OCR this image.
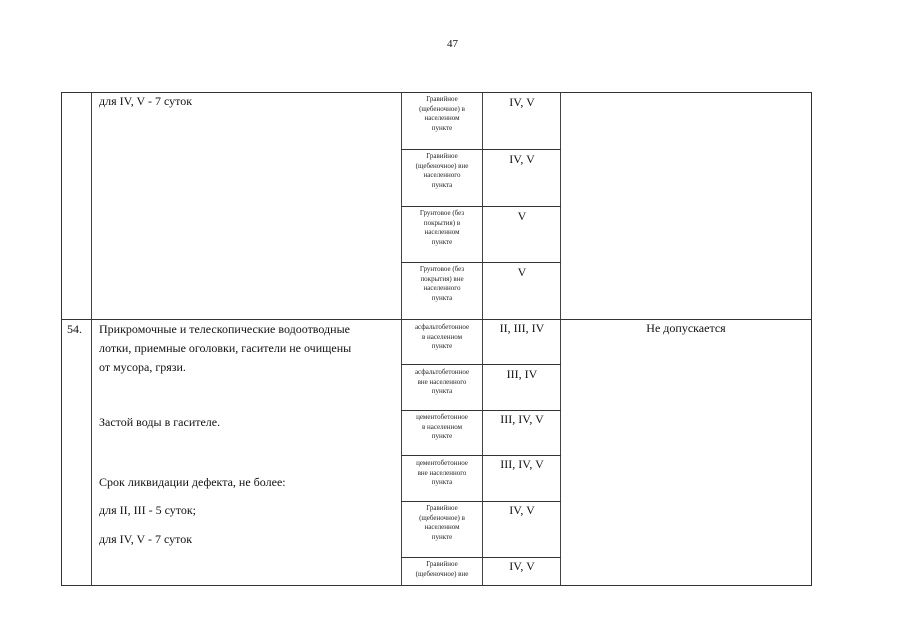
47
для IV, V - 7 суток	Гравийное
(щебеночное) в
населенном
пункте
IV, V
Гравийное
(щебеночное) вне
населенного
пункта
IV, V
Грунтовое (без
покрытия) в
населенном
пункте
V
Грунтовое (без
покрытия) вне
населенного
пункта
V
54. Прикромочные и телескопические водоотводные
лотки, приемные оголовки, гасители не очищены
от мусора, грязи.
Застой воды в гасителе.
Срок ликвидации дефекта, не более:
для II, III - 5 суток;
для IV, V - 7 суток
Не допускается
асфальтобетонное
в населенном
пункте
II, III, IV
асфальтобетонное
вне населенного
пункта
III, IV
цементобетонное
в населенном
пункте
III, IV, V
цементобетонное
вне населенного
пункта
III, IV, V
Гравийное
(щебеночное) в
населенном
пункте
IV, V
Гравийное
(щебеночное) вне
IV, V
